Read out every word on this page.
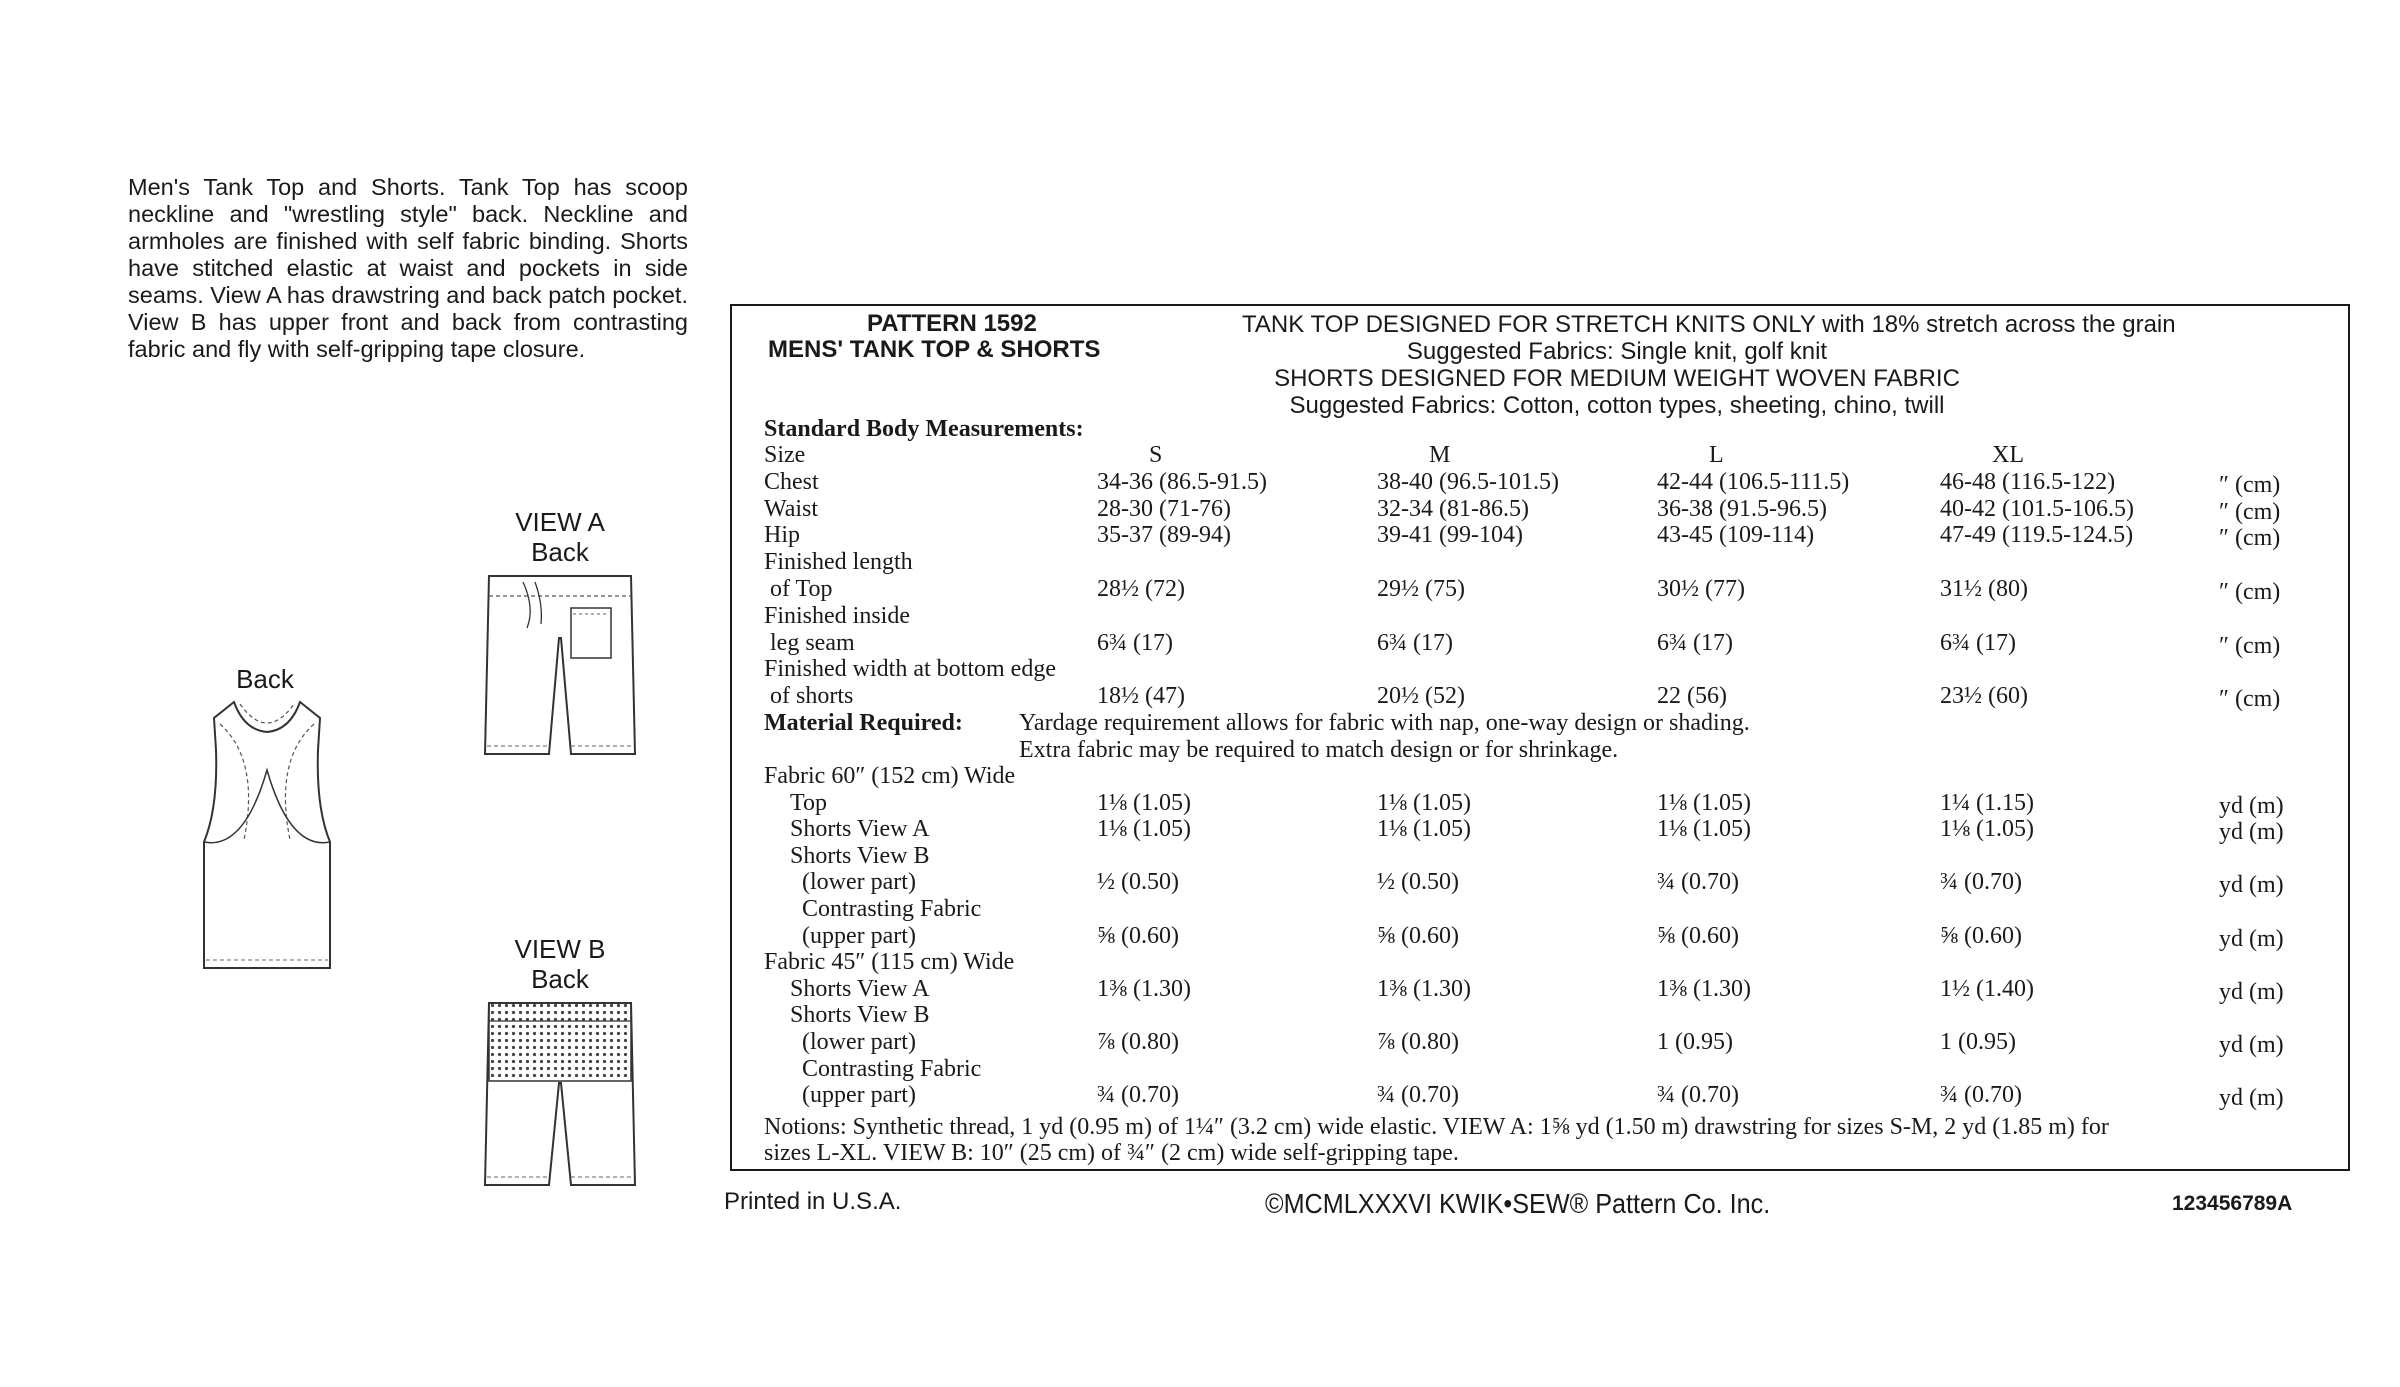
Men's Tank Top and Shorts. Tank Top has scoop neckline and "wrestling style" back. Neckline and armholes are finished with self fabric binding. Shorts have stitched elastic at waist and pockets in side seams. View A has drawstring and back patch pocket. View B has upper front and back from contrasting fabric and fly with self-gripping tape closure.
Back
VIEW A
Back
VIEW B
Back
PATTERN 1592
MENS' TANK TOP & SHORTS
TANK TOP DESIGNED FOR STRETCH KNITS ONLY with 18% stretch across the grain
Suggested Fabrics: Single knit, golf knit
SHORTS DESIGNED FOR MEDIUM WEIGHT WOVEN FABRIC
Suggested Fabrics: Cotton, cotton types, sheeting, chino, twill
Standard Body Measurements:
Size	S	M	L	XL
Chest	34-36 (86.5-91.5)	38-40 (96.5-101.5)	42-44 (106.5-111.5)	46-48 (116.5-122)	″ (cm)
Waist	28-30 (71-76)	32-34 (81-86.5)	36-38 (91.5-96.5)	40-42 (101.5-106.5)	″ (cm)
Hip	35-37 (89-94)	39-41 (99-104)	43-45 (109-114)	47-49 (119.5-124.5)	″ (cm)
Finished length
of Top	28½ (72)	29½ (75)	30½ (77)	31½ (80)	″ (cm)
Finished inside
leg seam	6¾ (17)	6¾ (17)	6¾ (17)	6¾ (17)	″ (cm)
Finished width at bottom edge
of shorts	18½ (47)	20½ (52)	22 (56)	23½ (60)	″ (cm)
Material Required: Yardage requirement allows for fabric with nap, one-way design or shading.
Extra fabric may be required to match design or for shrinkage.
Fabric 60″ (152 cm) Wide
Top	1⅛ (1.05)	1⅛ (1.05)	1⅛ (1.05)	1¼ (1.15)	yd (m)
Shorts View A	1⅛ (1.05)	1⅛ (1.05)	1⅛ (1.05)	1⅛ (1.05)	yd (m)
Shorts View B
(lower part)	½ (0.50)	½ (0.50)	¾ (0.70)	¾ (0.70)	yd (m)
Contrasting Fabric
(upper part)	⅝ (0.60)	⅝ (0.60)	⅝ (0.60)	⅝ (0.60)	yd (m)
Fabric 45″ (115 cm) Wide
Shorts View A	1⅜ (1.30)	1⅜ (1.30)	1⅜ (1.30)	1½ (1.40)	yd (m)
Shorts View B
(lower part)	⅞ (0.80)	⅞ (0.80)	1 (0.95)	1 (0.95)	yd (m)
Contrasting Fabric
(upper part)	¾ (0.70)	¾ (0.70)	¾ (0.70)	¾ (0.70)	yd (m)
Notions: Synthetic thread, 1 yd (0.95 m) of 1¼″ (3.2 cm) wide elastic. VIEW A: 1⅝ yd (1.50 m) drawstring for sizes S-M, 2 yd (1.85 m) for
sizes L-XL. VIEW B: 10″ (25 cm) of ¾″ (2 cm) wide self-gripping tape.
Printed in U.S.A.	©MCMLXXXVI KWIK•SEW® Pattern Co. Inc.	123456789A
